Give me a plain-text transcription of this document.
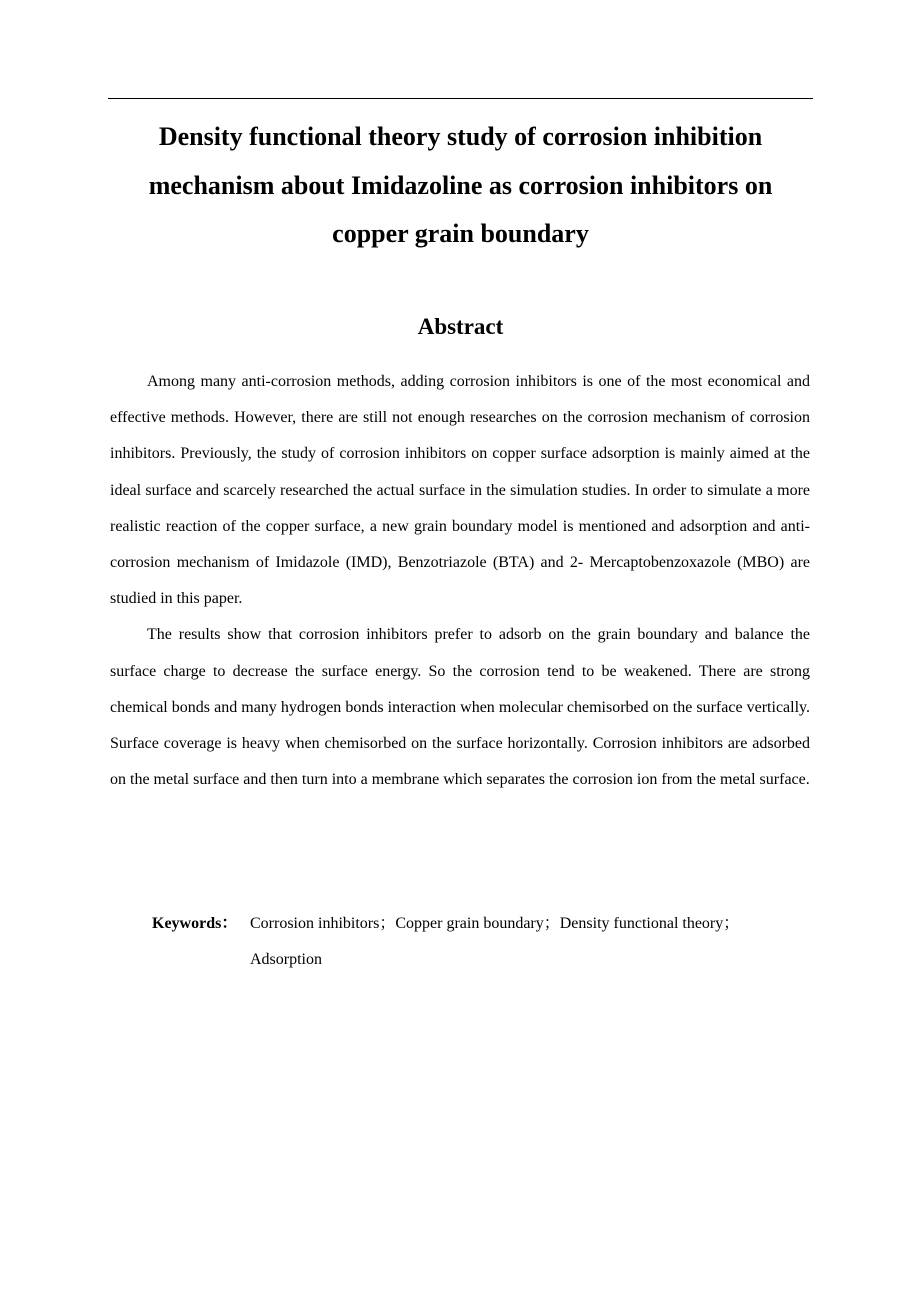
Density functional theory study of corrosion inhibition mechanism about Imidazoline as corrosion inhibitors on copper grain boundary
Abstract

Among many anti-corrosion methods, adding corrosion inhibitors is one of the most economical and effective methods. However, there are still not enough researches on the corrosion mechanism of corrosion inhibitors. Previously, the study of corrosion inhibitors on copper surface adsorption is mainly aimed at the ideal surface and scarcely researched the actual surface in the simulation studies. In order to simulate a more realistic reaction of the copper surface, a new grain boundary model is mentioned and adsorption and anti-corrosion mechanism of Imidazole (IMD), Benzotriazole (BTA) and 2- Mercaptobenzoxazole (MBO) are studied in this paper.

The results show that corrosion inhibitors prefer to adsorb on the grain boundary and balance the surface charge to decrease the surface energy. So the corrosion tend to be weakened. There are strong chemical bonds and many hydrogen bonds interaction when molecular chemisorbed on the surface vertically. Surface coverage is heavy when chemisorbed on the surface horizontally. Corrosion inhibitors are adsorbed on the metal surface and then turn into a membrane which separates the corrosion ion from the metal surface.

Keywords： Corrosion inhibitors；Copper grain boundary；Density functional theory；Adsorption
